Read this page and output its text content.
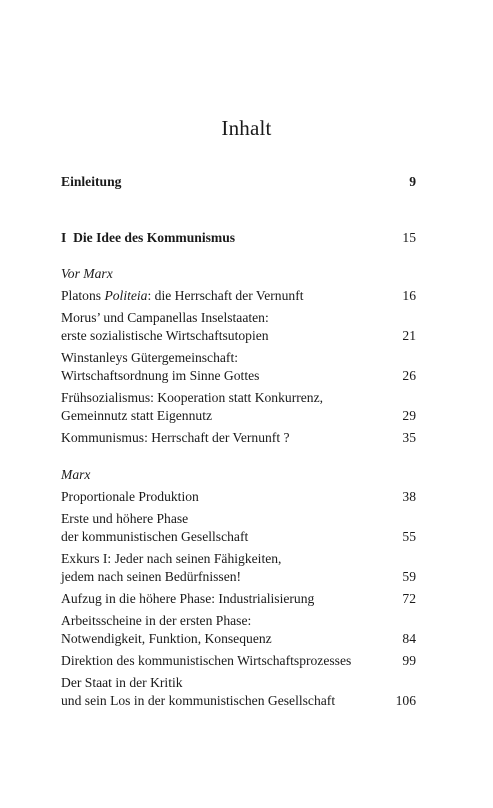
Inhalt
Einleitung	9
I  Die Idee des Kommunismus	15
Vor Marx
Platons Politeia: die Herrschaft der Vernunft	16
Morus’ und Campanellas Inselstaaten:
erste sozialistische Wirtschaftsutopien	21
Winstanleys Gütergemeinschaft:
Wirtschaftsordnung im Sinne Gottes	26
Frühsozialismus: Kooperation statt Konkurrenz,
Gemeinnutz statt Eigennutz	29
Kommunismus: Herrschaft der Vernunft ?	35
Marx
Proportionale Produktion	38
Erste und höhere Phase
der kommunistischen Gesellschaft	55
Exkurs I: Jeder nach seinen Fähigkeiten,
jedem nach seinen Bedürfnissen!	59
Aufzug in die höhere Phase: Industrialisierung	72
Arbeitsscheine in der ersten Phase:
Notwendigkeit, Funktion, Konsequenz	84
Direktion des kommunistischen Wirtschaftsprozesses	99
Der Staat in der Kritik
und sein Los in der kommunistischen Gesellschaft	106
